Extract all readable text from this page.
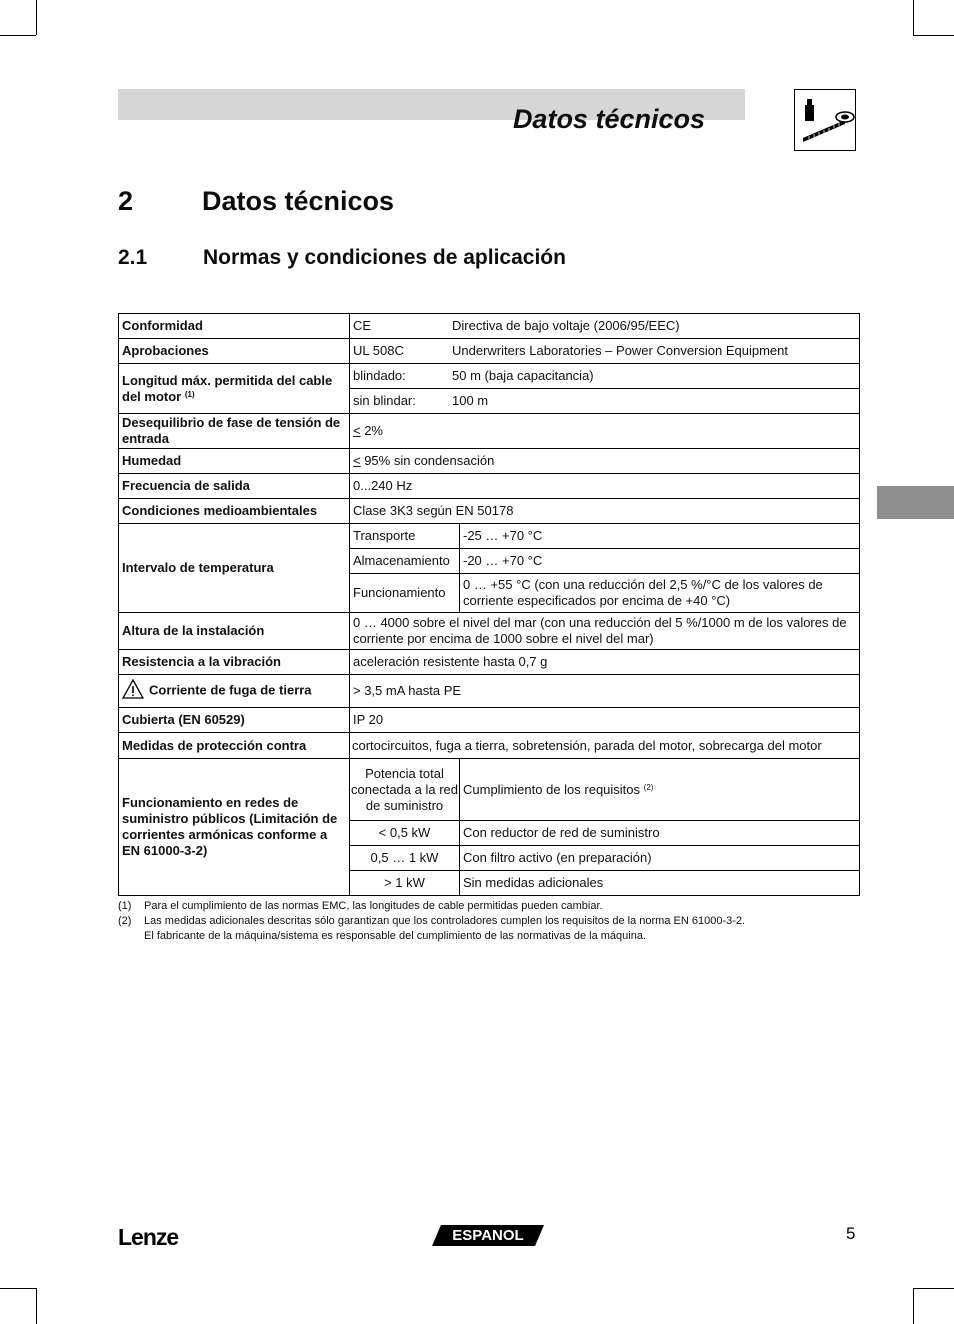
Datos técnicos
2	Datos técnicos
2.1	Normas y condiciones de aplicación
Conformidad	CE Directiva de bajo voltaje (2006/95/EEC)	
Aprobaciones	UL 508C Underwriters Laboratories – Power Conversion Equipment	
Longitud máx. permitida del cable del motor $^{(1)}$	blindado: 50 m (baja capacitancia)	
	sin blindar: 100 m	
Desequilibrio de fase de tensión de entrada	≤ 2%	
Humedad	≤ 95% sin condensación	
Frecuencia de salida	0...240 Hz	
Condiciones medioambientales	Clase 3K3 según EN 50178	
Intervalo de temperatura	Transporte	-25 … +70 °C
	Almacenamiento	-20 … +70 °C
	Funcionamiento	0 … +55 °C (con una reducción del 2,5 %/°C de los valores de corriente especificados por encima de +40 °C)
Altura de la instalación	0 … 4000 sobre el nivel del mar (con una reducción del 5 %/1000 m de los valores de corriente por encima de 1000 sobre el nivel del mar)	
Resistencia a la vibración	aceleración resistente hasta 0,7 g	
Corriente de fuga de tierra	> 3,5 mA hasta PE	
Cubierta (EN 60529)	IP 20	
Medidas de protección contra	cortocircuitos, fuga a tierra, sobretensión, parada del motor, sobrecarga del motor	
Funcionamiento en redes de suministro públicos (Limitación de corrientes armónicas conforme a EN 61000-3-2)	Potencia total conectada a la red de suministro	Cumplimiento de los requisitos $^{(2)}$
	< 0,5 kW	Con reductor de red de suministro
	0,5 … 1 kW	Con filtro activo (en preparación)
	> 1 kW	Sin medidas adicionales
(1)	Para el cumplimiento de las normas EMC, las longitudes de cable permitidas pueden cambiar.
(2)	Las medidas adicionales descritas sólo garantizan que los controladores cumplen los requisitos de la norma EN 61000-3-2.
El fabricante de la máquina/sistema es responsable del cumplimiento de las normativas de la máquina.
Lenze	ESPANOL	5
